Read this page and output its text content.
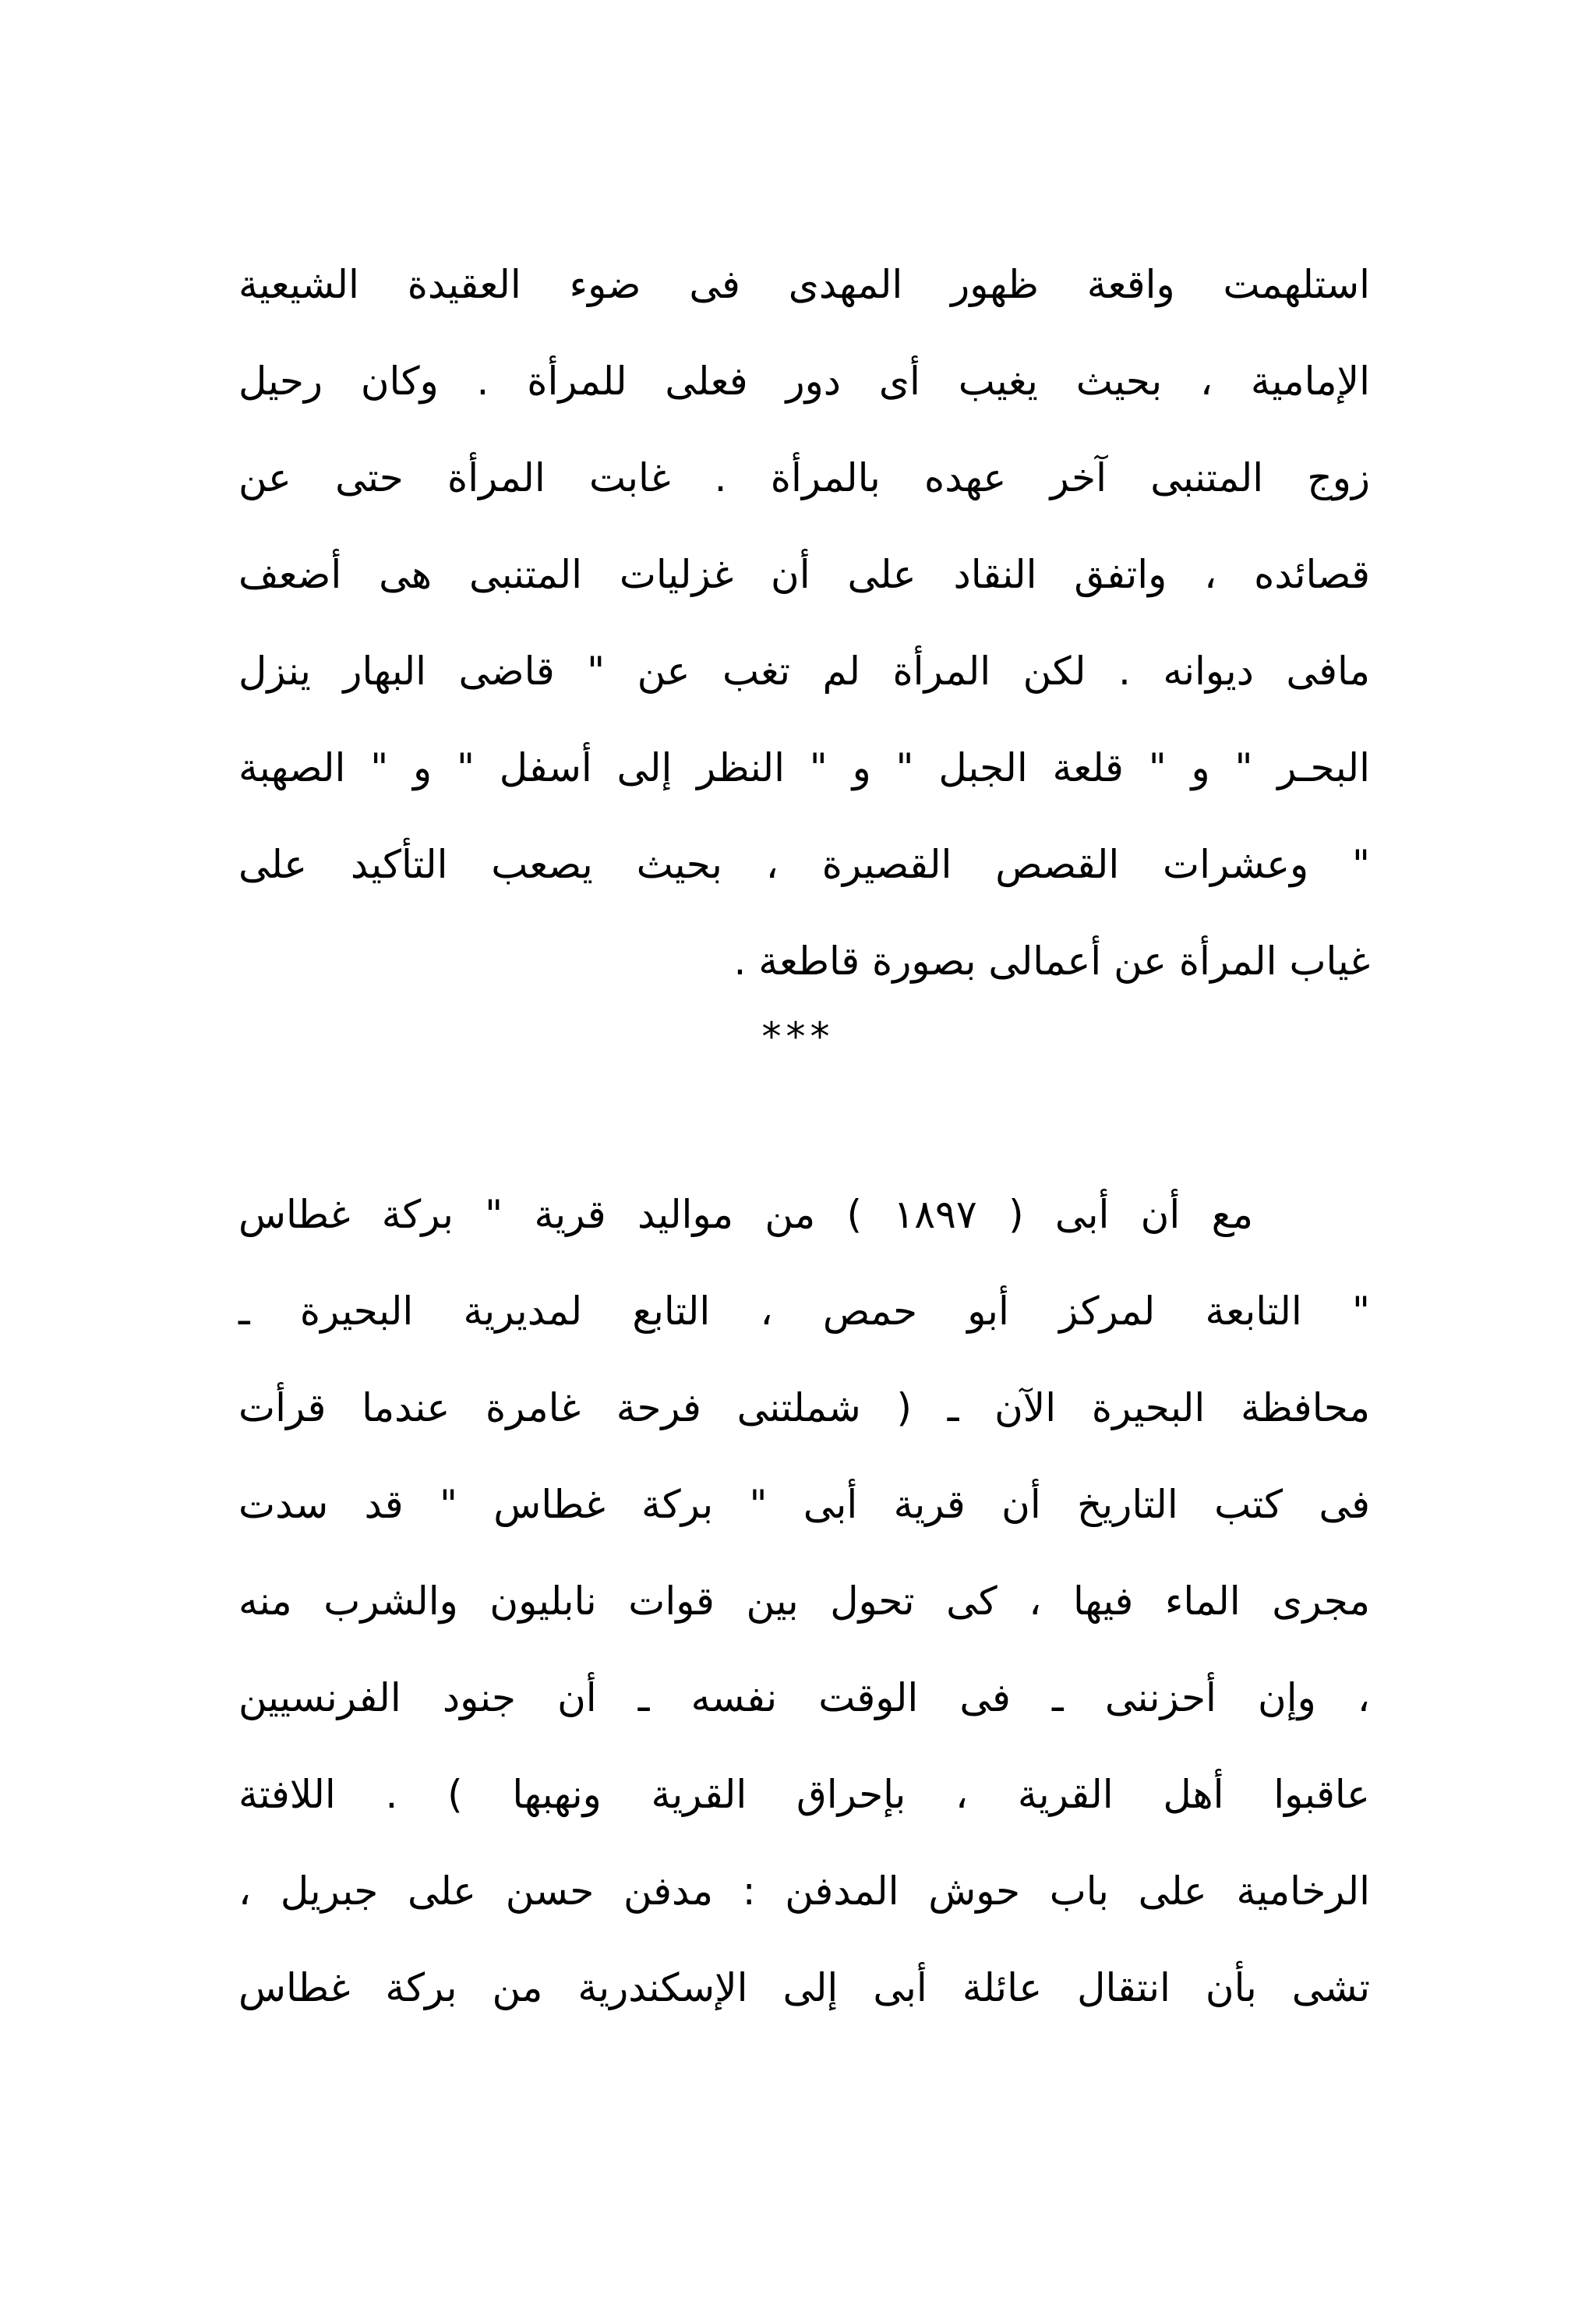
استلهمت واقعة ظهور المهدى فى ضوء العقيدة الشيعية
الإمامية ، بحيث يغيب أى دور فعلى للمرأة . وكان رحيل
زوج المتنبى آخر عهده بالمرأة . غابت المرأة حتى عن
قصائده ، واتفق النقاد على أن غزليات المتنبى هى أضعف
مافى ديوانه . لكن المرأة لم تغب عن " قاضى البهار ينزل
البحـر " و " قلعة الجبل " و " النظر إلى أسفل " و " الصهبة
" وعشرات القصص القصيرة ، بحيث يصعب التأكيد على
غياب المرأة عن أعمالى بصورة قاطعة .
***
مع أن أبى ( ١٨٩٧ ) من مواليد قرية " بركة غطاس
" التابعة لمركز أبو حمص ، التابع لمديرية البحيرة ـ
محافظة البحيرة الآن ـ ( شملتنى فرحة غامرة عندما قرأت
فى كتب التاريخ أن قرية أبى " بركة غطاس " قد سدت
مجرى الماء فيها ، كى تحول بين قوات نابليون والشرب منه
، وإن أحزننى ـ فى الوقت نفسه ـ أن جنود الفرنسيين
عاقبوا أهل القرية ، بإحراق القرية ونهبها ) . اللافتة
الرخامية على باب حوش المدفن : مدفن حسن على جبريل ،
تشى بأن انتقال عائلة أبى إلى الإسكندرية من بركة غطاس
